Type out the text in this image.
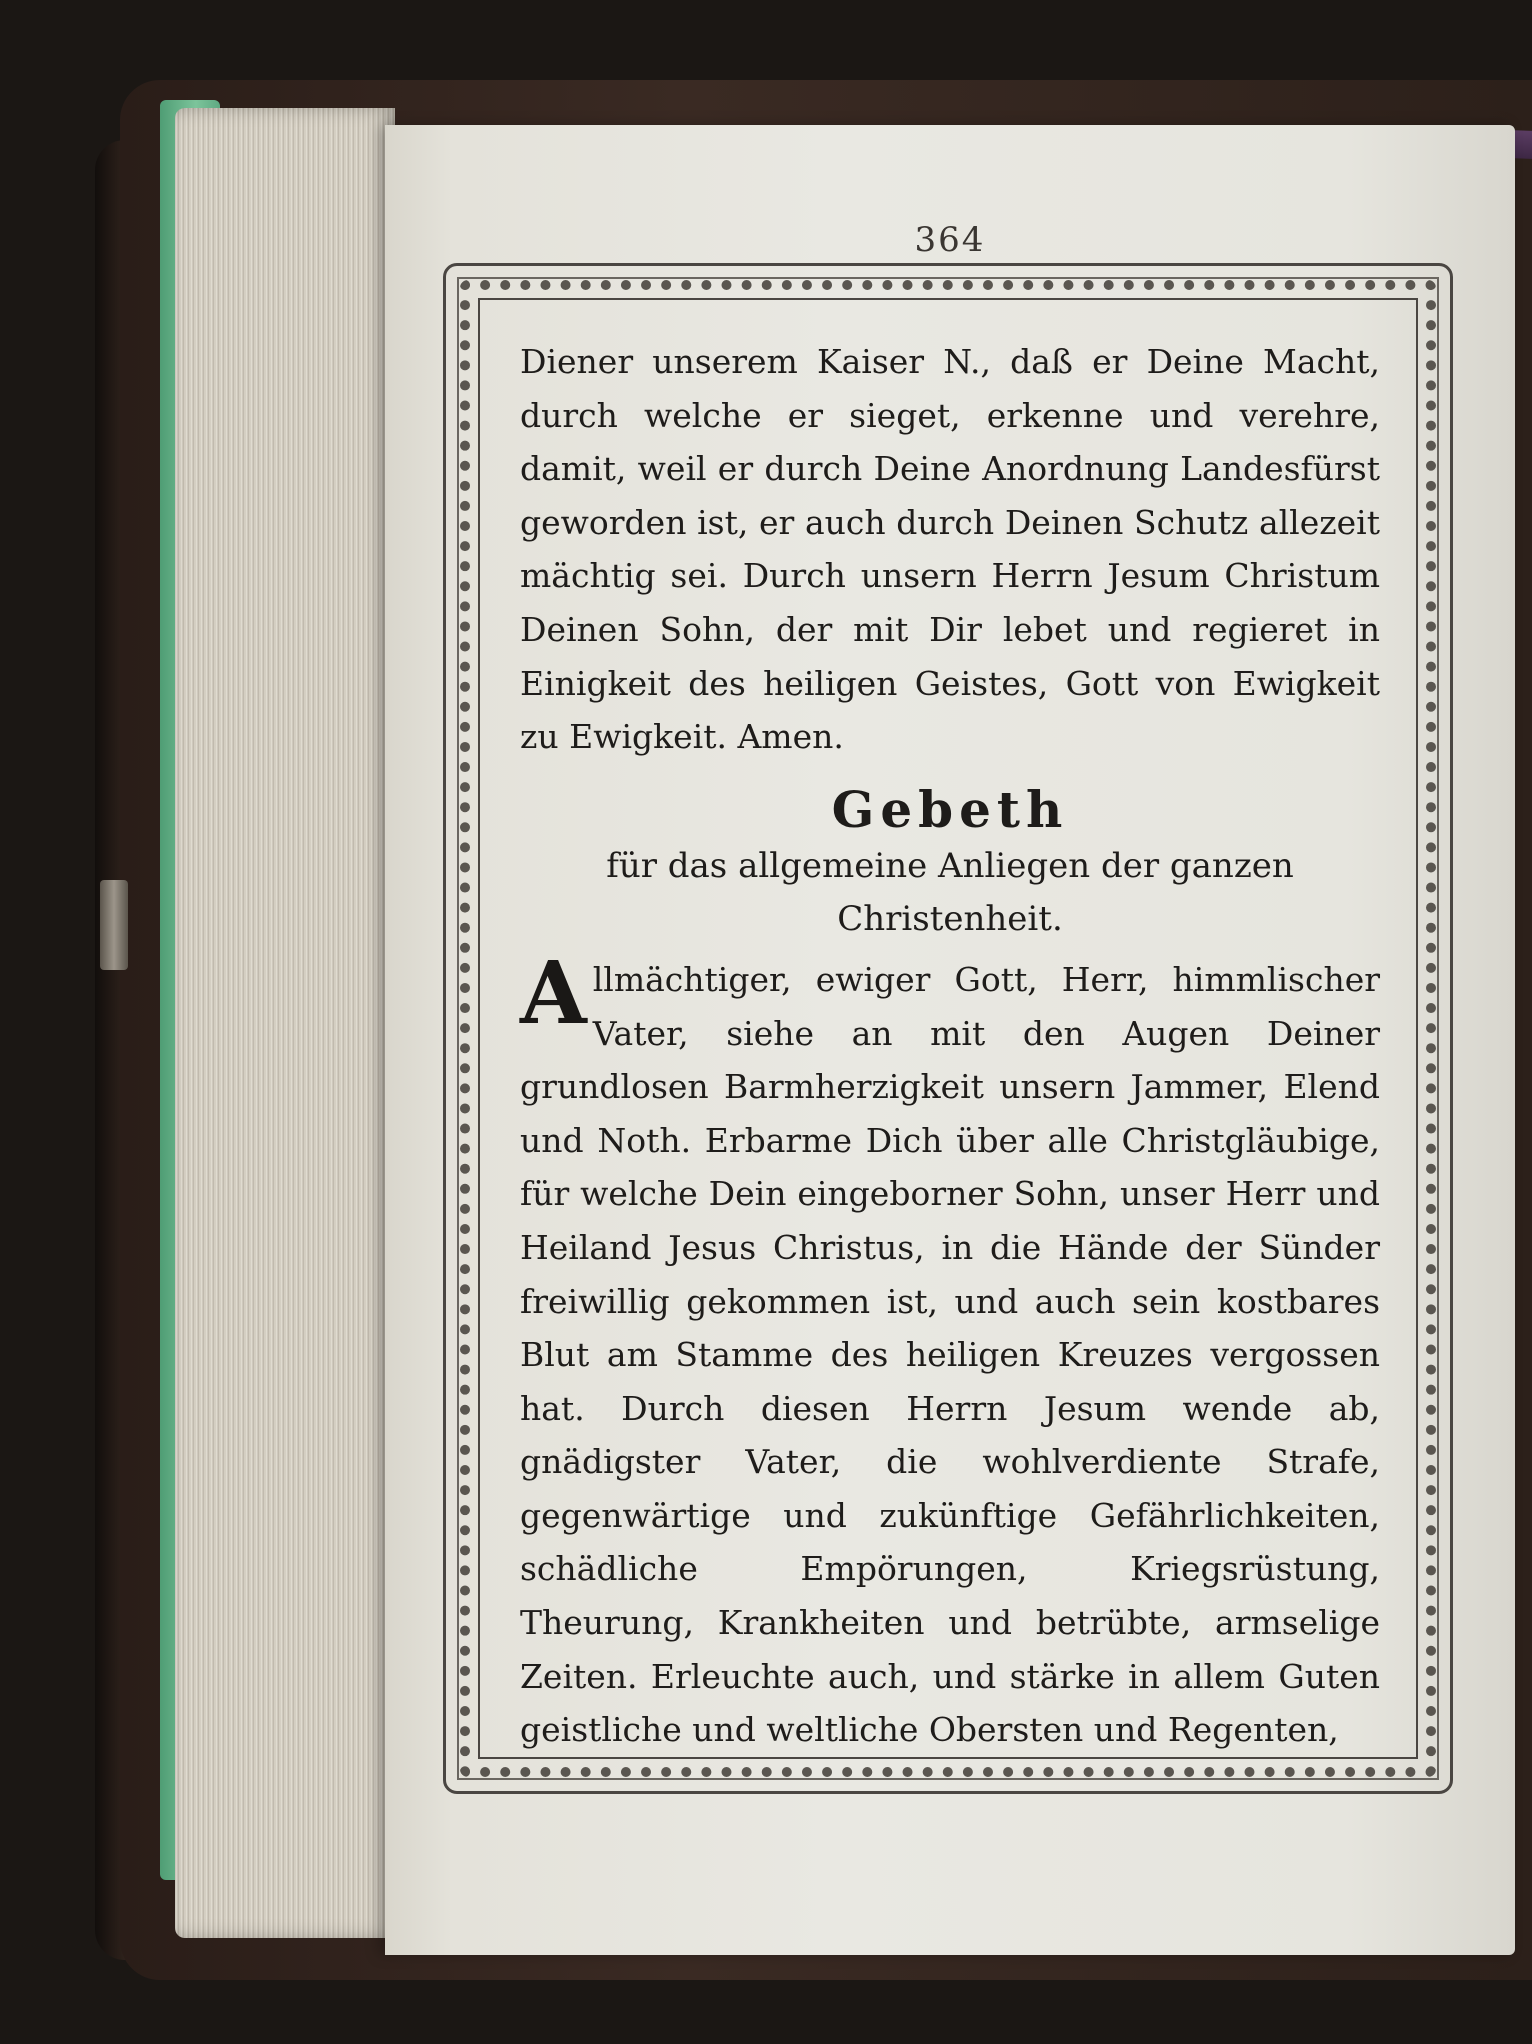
364

Diener unserem Kaiser N., daß er Deine Macht, durch welche er sieget, erkenne und verehre, damit, weil er durch Deine Anordnung Landesfürst geworden ist, er auch durch Deinen Schutz allezeit mächtig sei. Durch unsern Herrn Jesum Christum Deinen Sohn, der mit Dir lebet und regieret in Einigkeit des heiligen Geistes, Gott von Ewigkeit zu Ewigkeit. Amen.

Gebeth
für das allgemeine Anliegen der ganzen Christenheit.

Allmächtiger, ewiger Gott, Herr, himmlischer Vater, siehe an mit den Augen Deiner grundlosen Barmherzigkeit unsern Jammer, Elend und Noth. Erbarme Dich über alle Christgläubige, für welche Dein eingeborner Sohn, unser Herr und Heiland Jesus Christus, in die Hände der Sünder freiwillig gekommen ist, und auch sein kostbares Blut am Stamme des heiligen Kreuzes vergossen hat. Durch diesen Herrn Jesum wende ab, gnädigster Vater, die wohlverdiente Strafe, gegenwärtige und zukünftige Gefährlichkeiten, schädliche Empörungen, Kriegsrüstung, Theurung, Krankheiten und betrübte, armselige Zeiten. Erleuchte auch, und stärke in allem Guten geistliche und weltliche Obersten und Regenten,
